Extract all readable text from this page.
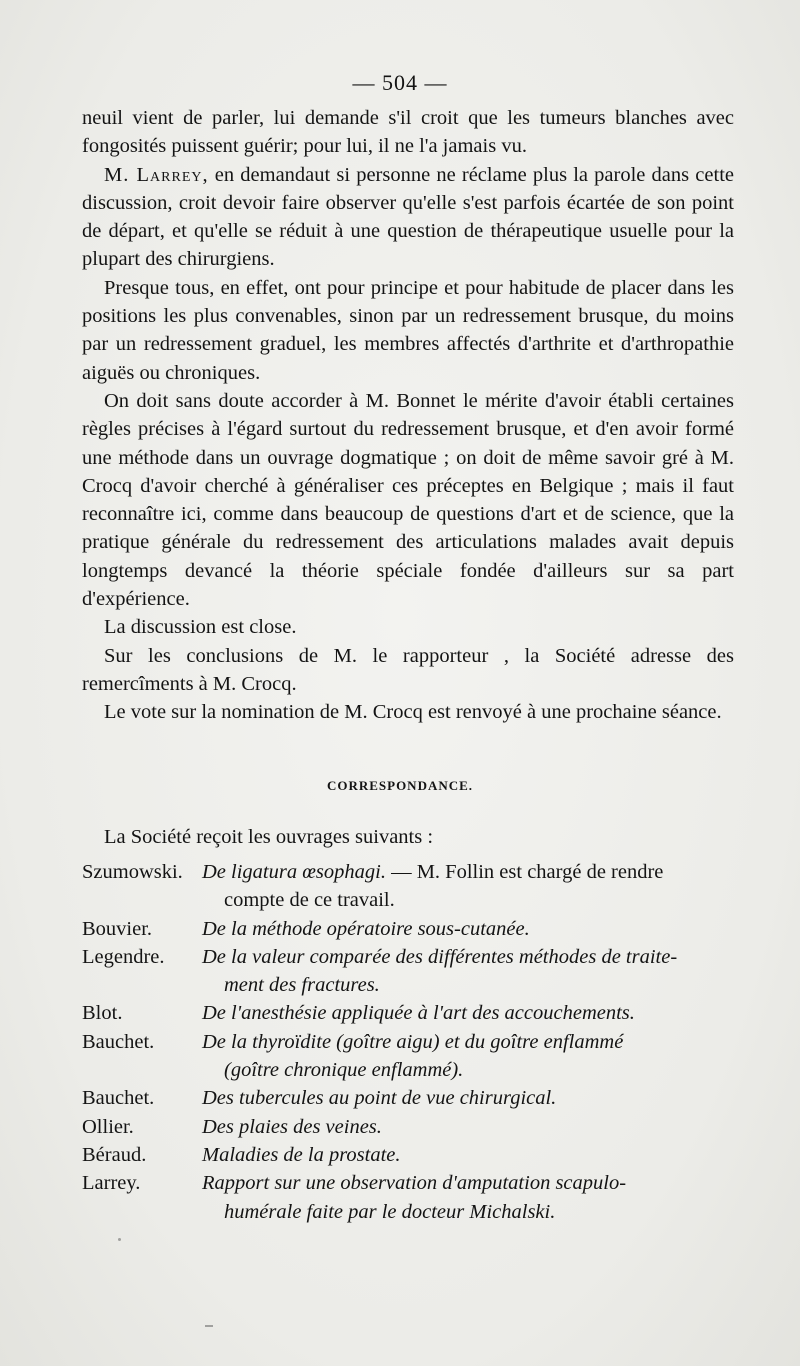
— 504 —

neuil vient de parler, lui demande s'il croit que les tumeurs blanches avec fongosités puissent guérir; pour lui, il ne l'a jamais vu.

M. Larrey, en demandaut si personne ne réclame plus la parole dans cette discussion, croit devoir faire observer qu'elle s'est parfois écartée de son point de départ, et qu'elle se réduit à une question de thérapeutique usuelle pour la plupart des chirurgiens.

Presque tous, en effet, ont pour principe et pour habitude de placer dans les positions les plus convenables, sinon par un redressement brusque, du moins par un redressement graduel, les membres affectés d'arthrite et d'arthropathie aiguës ou chroniques.

On doit sans doute accorder à M. Bonnet le mérite d'avoir établi certaines règles précises à l'égard surtout du redressement brusque, et d'en avoir formé une méthode dans un ouvrage dogmatique ; on doit de même savoir gré à M. Crocq d'avoir cherché à généraliser ces préceptes en Belgique ; mais il faut reconnaître ici, comme dans beaucoup de questions d'art et de science, que la pratique générale du redressement des articulations malades avait depuis longtemps devancé la théorie spéciale fondée d'ailleurs sur sa part d'expérience.

La discussion est close.

Sur les conclusions de M. le rapporteur , la Société adresse des remercîments à M. Crocq.

Le vote sur la nomination de M. Crocq est renvoyé à une prochaine séance.

CORRESPONDANCE.
La Société reçoit les ouvrages suivants :
Szumowski. De ligatura œsophagi. — M. Follin est chargé de rendre
compte de ce travail.
Bouvier.	De la méthode opératoire sous-cutanée.
Legendre.	De la valeur comparée des différentes méthodes de traite-
ment des fractures.
Blot.	De l'anesthésie appliquée à l'art des accouchements.
Bauchet.	De la thyroïdite (goître aigu) et du goître enflammé
(goître chronique enflammé).
Bauchet.	Des tubercules au point de vue chirurgical.
Ollier.	Des plaies des veines.
Béraud.	Maladies de la prostate.
Larrey.	Rapport sur une observation d'amputation scapulo-
humérale faite par le docteur Michalski.
